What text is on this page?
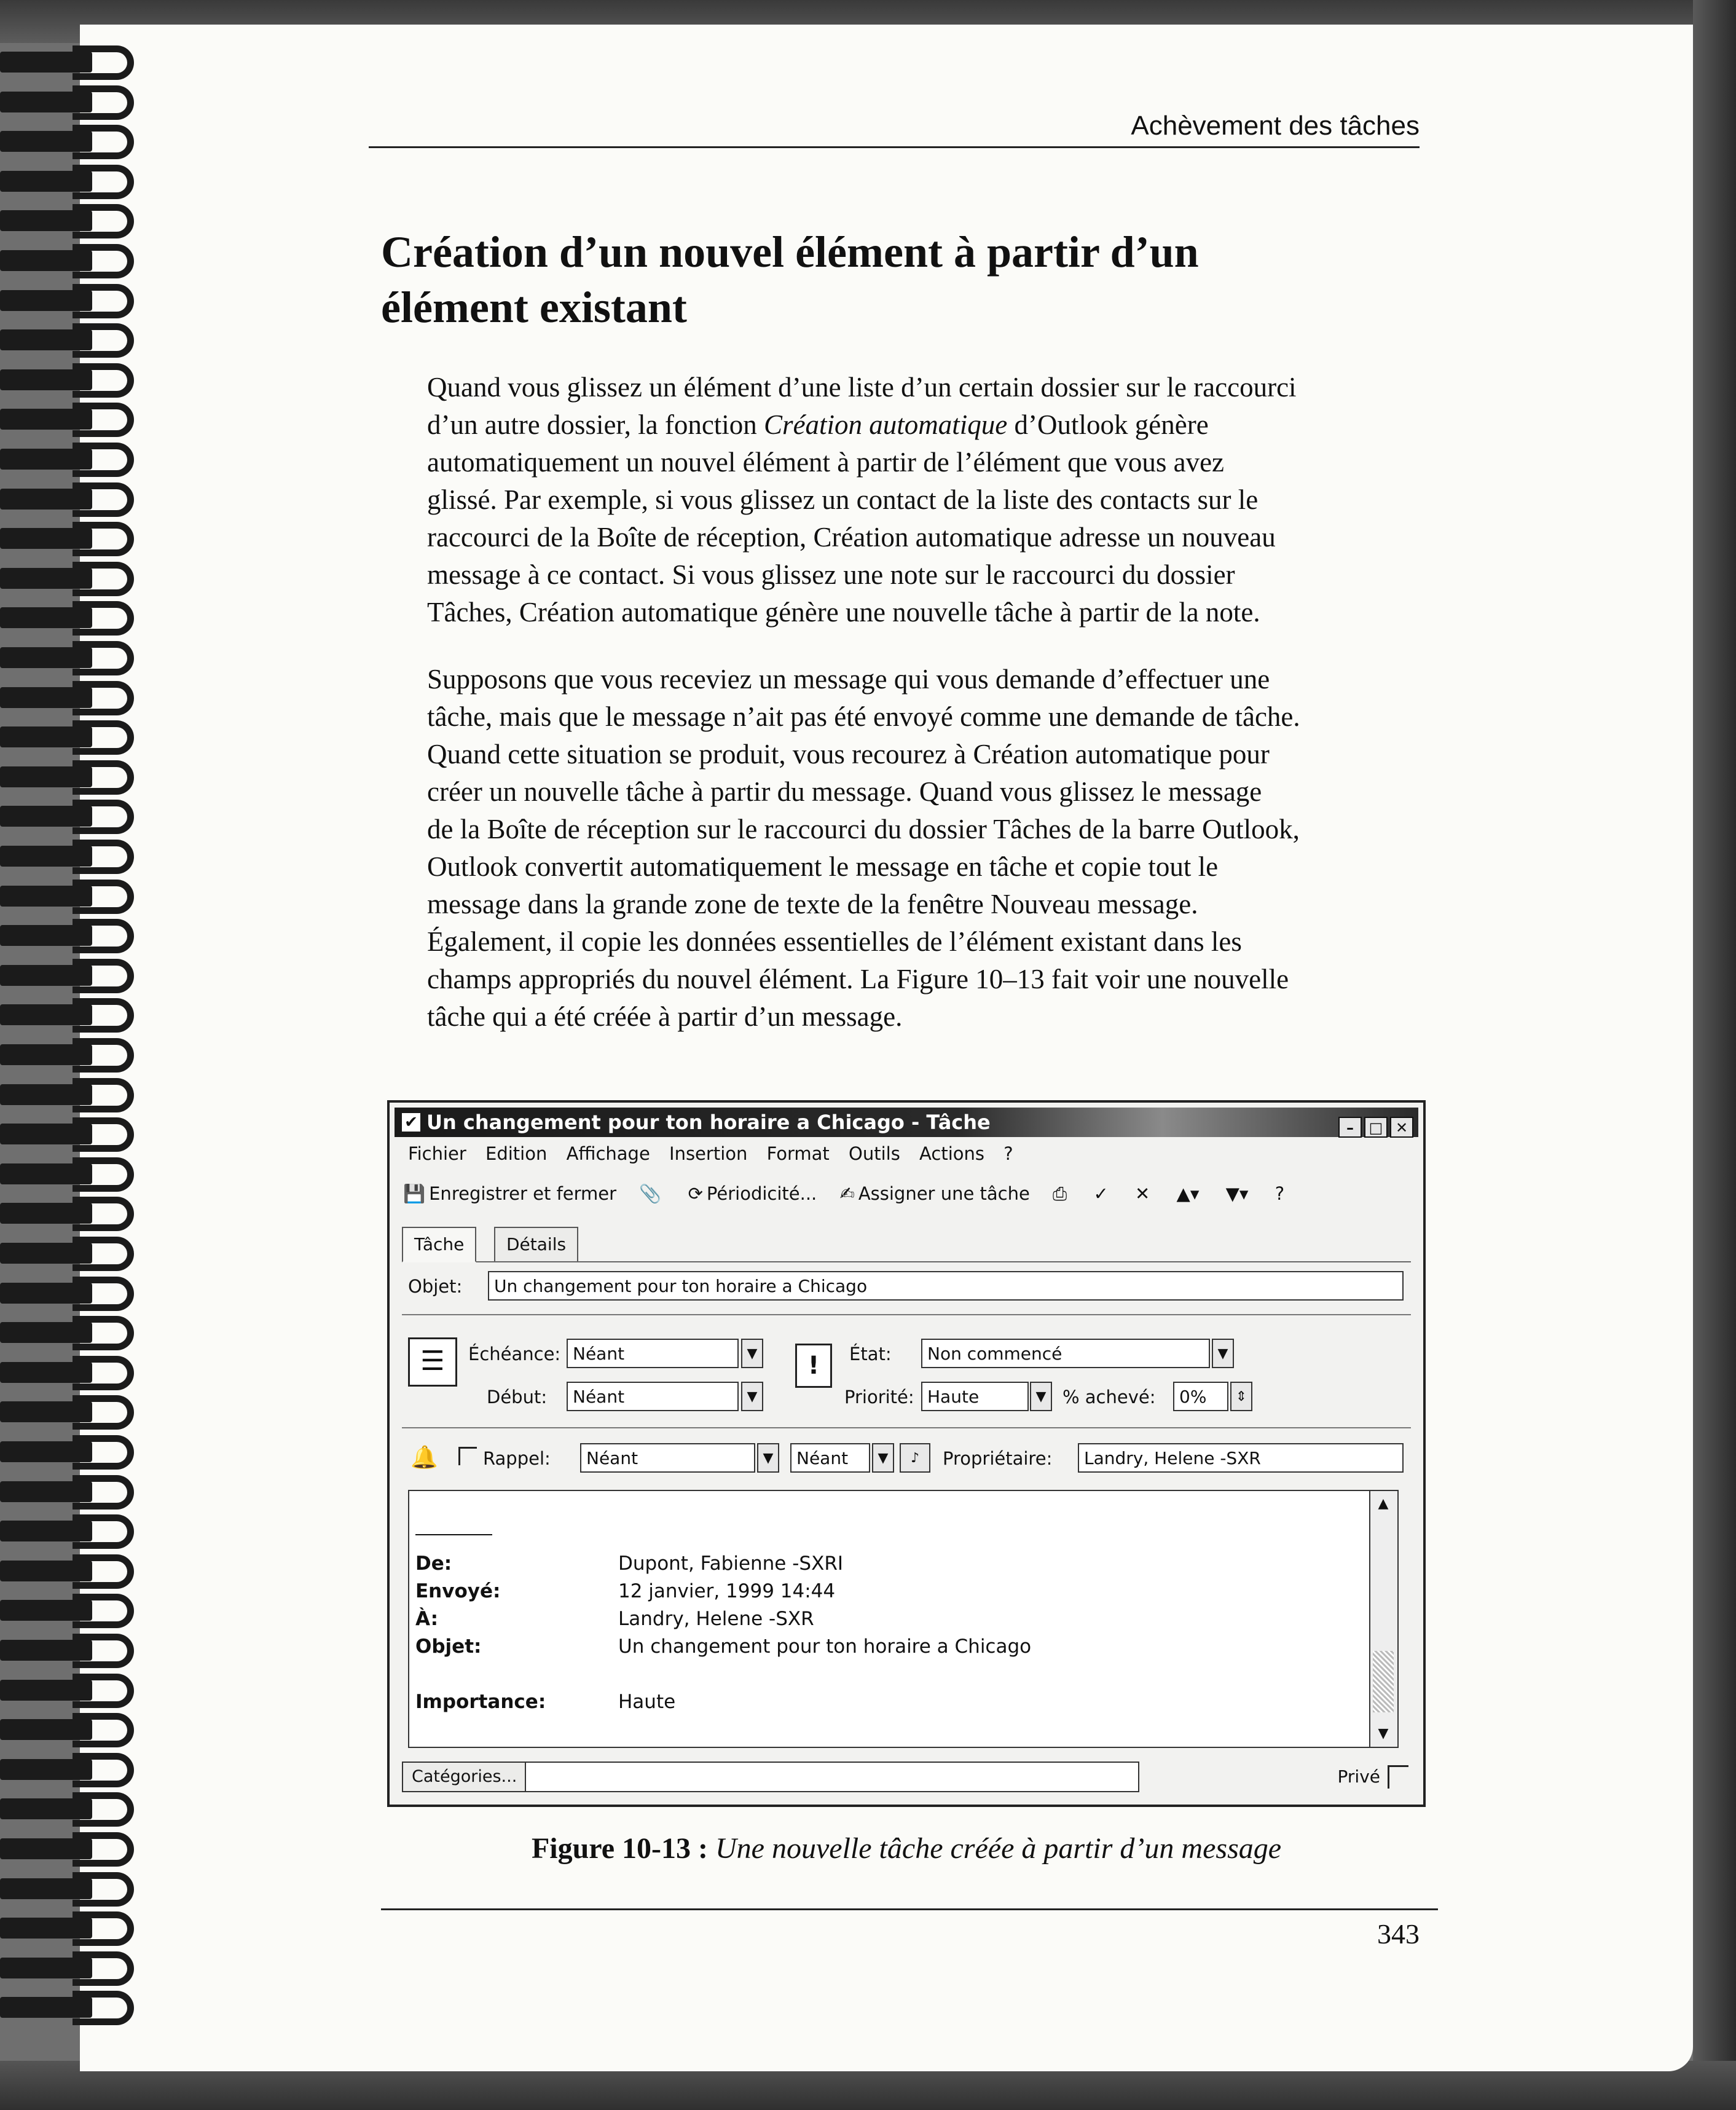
Achèvement des tâches
Création d’un nouvel élément à partir d’un
élément existant

Quand vous glissez un élément d’une liste d’un certain dossier sur le raccourci
d’un autre dossier, la fonction Création automatique d’Outlook génère
automatiquement un nouvel élément à partir de l’élément que vous avez
glissé. Par exemple, si vous glissez un contact de la liste des contacts sur le
raccourci de la Boîte de réception, Création automatique adresse un nouveau
message à ce contact. Si vous glissez une note sur le raccourci du dossier
Tâches, Création automatique génère une nouvelle tâche à partir de la note.

Supposons que vous receviez un message qui vous demande d’effectuer une
tâche, mais que le message n’ait pas été envoyé comme une demande de tâche.
Quand cette situation se produit, vous recourez à Création automatique pour
créer un nouvelle tâche à partir du message. Quand vous glissez le message
de la Boîte de réception sur le raccourci du dossier Tâches de la barre Outlook,
Outlook convertit automatiquement le message en tâche et copie tout le
message dans la grande zone de texte de la fenêtre Nouveau message.
Également, il copie les données essentielles de l’élément existant dans les
champs appropriés du nouvel élément. La Figure 10–13 fait voir une nouvelle
tâche qui a été créée à partir d’un message.

✔ Un changement pour ton horaire a Chicago - Tâche	– □ ✕
Fichier Edition Affichage Insertion Format Outils Actions ?
💾 Enregistrer et fermer 📎 ⟳ Périodicité... ✍ Assigner une tâche ⎙ ✓ ✕ ▲▾ ▼▾ ?
Tâche	Détails
Objet:	Un changement pour ton horaire a Chicago
☰	Échéance: Néant	▼
Début:	Néant	▼
!	État:	Non commencé	▼
Priorité: Haute	▼ % achevé:	0%	⇕
🔔	Rappel:	Néant	▼	Néant	▼	♪	Propriétaire:	Landry, Helene -SXR
De:	Dupont, Fabienne -SXRI
Envoyé:	12 janvier, 1999 14:44
À:	Landry, Helene -SXR
Objet:	Un changement pour ton horaire a Chicago
Importance:	Haute
▲
▼
Catégories...	Privé
Figure 10-13 : Une nouvelle tâche créée à partir d’un message
343
